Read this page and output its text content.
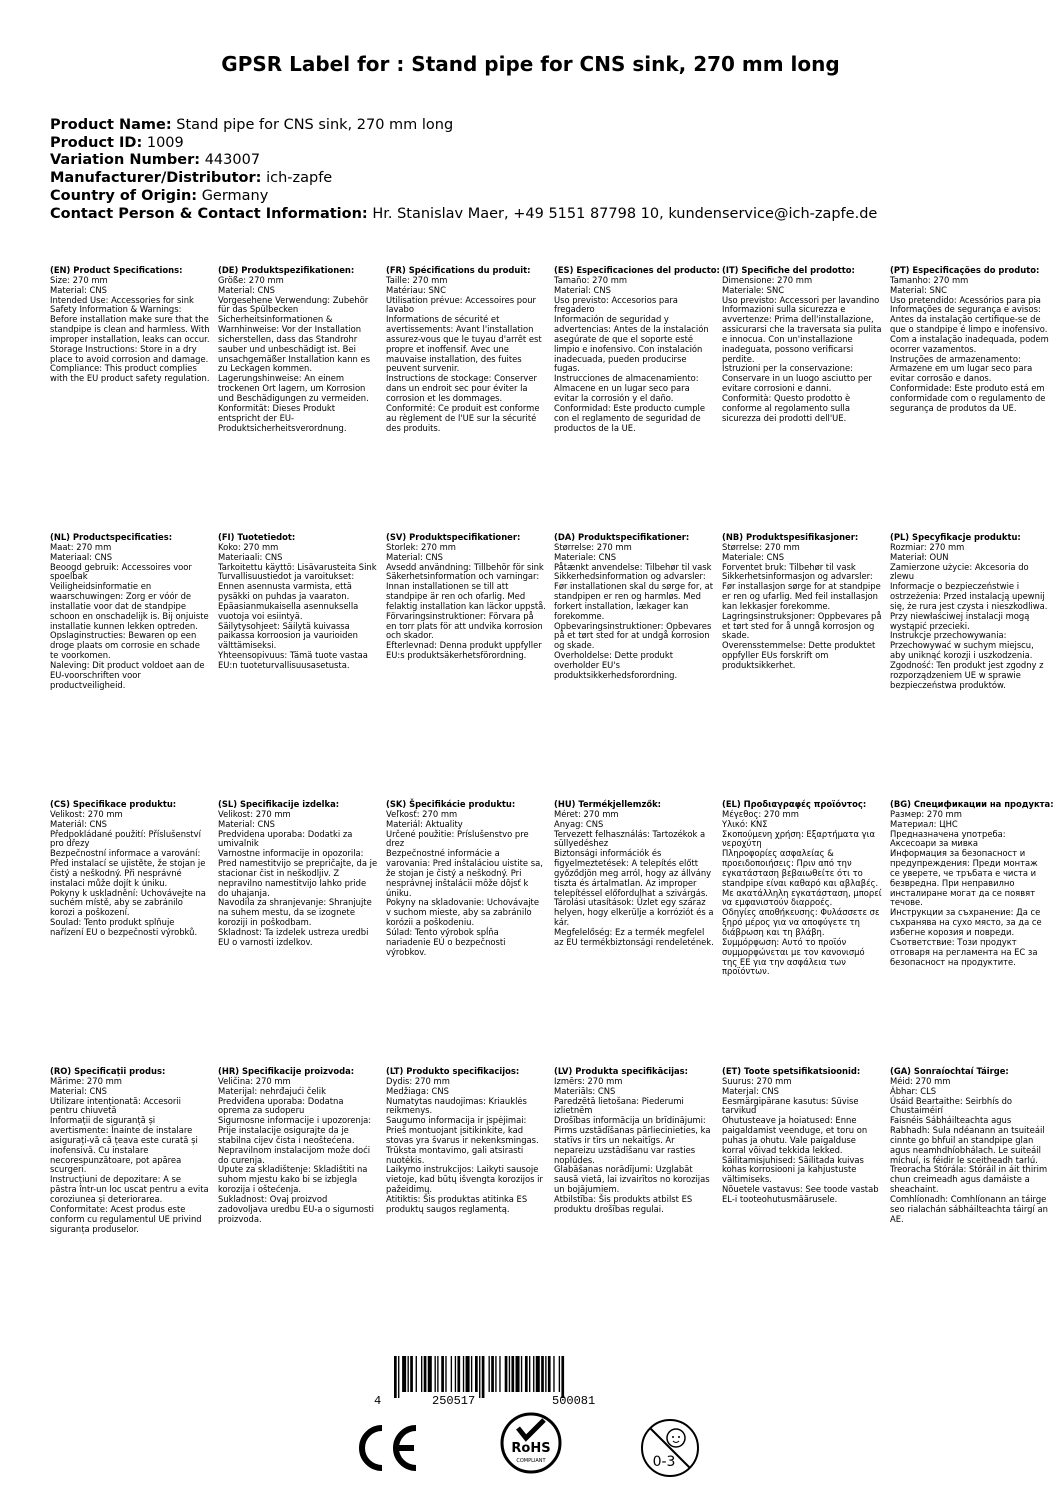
GPSR Label for : Stand pipe for CNS sink, 270 mm long
Product Name: Stand pipe for CNS sink, 270 mm long
Product ID: 1009
Variation Number: 443007
Manufacturer/Distributor: ich-zapfe
Country of Origin: Germany
Contact Person & Contact Information: Hr. Stanislav Maer, +49 5151 87798 10, kundenservice@ich-zapfe.de
(EN) Product Specifications:
Size: 270 mm
Material: CNS
Intended Use: Accessories for sink
Safety Information & Warnings: Before installation make sure that the standpipe is clean and harmless. With improper installation, leaks can occur.
Storage Instructions: Store in a dry place to avoid corrosion and damage.
Compliance: This product complies with the EU product safety regulation.
(DE) Produktspezifikationen:
Größe: 270 mm
Material: CNS
Vorgesehene Verwendung: Zubehör für das Spülbecken
Sicherheitsinformationen & Warnhinweise: Vor der Installation sicherstellen, dass das Standrohr sauber und unbeschädigt ist. Bei unsachgemäßer Installation kann es zu Leckagen kommen.
Lagerungshinweise: An einem trockenen Ort lagern, um Korrosion und Beschädigungen zu vermeiden.
Konformität: Dieses Produkt entspricht der EU-Produktsicherheitsverordnung.
(FR) Spécifications du produit:
Taille: 270 mm
Matériau: SNC
Utilisation prévue: Accessoires pour lavabo
Informations de sécurité et avertissements: Avant l'installation assurez-vous que le tuyau d'arrêt est propre et inoffensif. Avec une mauvaise installation, des fuites peuvent survenir.
Instructions de stockage: Conserver dans un endroit sec pour éviter la corrosion et les dommages.
Conformité: Ce produit est conforme au règlement de l'UE sur la sécurité des produits.
(ES) Especificaciones del producto:
Tamaño: 270 mm
Material: CNS
Uso previsto: Accesorios para fregadero
Información de seguridad y advertencias: Antes de la instalación asegúrate de que el soporte esté limpio e inofensivo. Con instalación inadecuada, pueden producirse fugas.
Instrucciones de almacenamiento: Almacene en un lugar seco para evitar la corrosión y el daño.
Conformidad: Este producto cumple con el reglamento de seguridad de productos de la UE.
(IT) Specifiche del prodotto:
Dimensione: 270 mm
Materiale: SNC
Uso previsto: Accessori per lavandino
Informazioni sulla sicurezza e avvertenze: Prima dell'installazione, assicurarsi che la traversata sia pulita e innocua. Con un'installazione inadeguata, possono verificarsi perdite.
Istruzioni per la conservazione: Conservare in un luogo asciutto per evitare corrosioni e danni.
Conformità: Questo prodotto è conforme al regolamento sulla sicurezza dei prodotti dell'UE.
(PT) Especificações do produto:
Tamanho: 270 mm
Material: SNC
Uso pretendido: Acessórios para pia
Informações de segurança e avisos: Antes da instalação certifique-se de que o standpipe é limpo e inofensivo. Com a instalação inadequada, podem ocorrer vazamentos.
Instruções de armazenamento: Armazene em um lugar seco para evitar corrosão e danos.
Conformidade: Este produto está em conformidade com o regulamento de segurança de produtos da UE.
(NL) Productspecificaties:
Maat: 270 mm
Materiaal: CNS
Beoogd gebruik: Accessoires voor spoelbak
Veiligheidsinformatie en waarschuwingen: Zorg er vóór de installatie voor dat de standpipe schoon en onschadelijk is. Bij onjuiste installatie kunnen lekken optreden.
Opslaginstructies: Bewaren op een droge plaats om corrosie en schade te voorkomen.
Naleving: Dit product voldoet aan de EU-voorschriften voor productveiligheid.
(FI) Tuotetiedot:
Koko: 270 mm
Materiaali: CNS
Tarkoitettu käyttö: Lisävarusteita Sink
Turvallisuustiedot ja varoitukset: Ennen asennusta varmista, että pysäkki on puhdas ja vaaraton. Epäasianmukaisella asennuksella vuotoja voi esiintyä.
Säilytysohjeet: Säilytä kuivassa paikassa korroosion ja vaurioiden välttämiseksi.
Yhteensopivuus: Tämä tuote vastaa EU:n tuoteturvallisuusasetusta.
(SV) Produktspecifikationer:
Storlek: 270 mm
Material: CNS
Avsedd användning: Tillbehör för sink
Säkerhetsinformation och varningar: Innan installationen se till att standpipe är ren och ofarlig. Med felaktig installation kan läckor uppstå.
Förvaringsinstruktioner: Förvara på en torr plats för att undvika korrosion och skador.
Efterlevnad: Denna produkt uppfyller EU:s produktsäkerhetsförordning.
(DA) Produktspecifikationer:
Størrelse: 270 mm
Materiale: CNS
Påtænkt anvendelse: Tilbehør til vask
Sikkerhedsinformation og advarsler: Før installationen skal du sørge for, at standpipen er ren og harmløs. Med forkert installation, lækager kan forekomme.
Opbevaringsinstruktioner: Opbevares på et tørt sted for at undgå korrosion og skade.
Overholdelse: Dette produkt overholder EU's produktsikkerhedsforordning.
(NB) Produktspesifikasjoner:
Størrelse: 270 mm
Materiale: CNS
Forventet bruk: Tilbehør til vask
Sikkerhetsinformasjon og advarsler: Før installasjon sørge for at standpipe er ren og ufarlig. Med feil installasjon kan lekkasjer forekomme.
Lagringsinstruksjoner: Oppbevares på et tørt sted for å unngå korrosjon og skade.
Overensstemmelse: Dette produktet oppfyller EUs forskrift om produktsikkerhet.
(PL) Specyfikacje produktu:
Rozmiar: 270 mm
Materiał: OUN
Zamierzone użycie: Akcesoria do zlewu
Informacje o bezpieczeństwie i ostrzeżenia: Przed instalacją upewnij się, że rura jest czysta i nieszkodliwa. Przy niewłaściwej instalacji mogą wystąpić przecieki.
Instrukcje przechowywania: Przechowywać w suchym miejscu, aby uniknąć korozji i uszkodzenia.
Zgodność: Ten produkt jest zgodny z rozporządzeniem UE w sprawie bezpieczeństwa produktów.
(CS) Specifikace produktu:
Velikost: 270 mm
Materiál: CNS
Předpokládané použití: Příslušenství pro dřezy
Bezpečnostní informace a varování: Před instalací se ujistěte, že stojan je čistý a neškodný. Při nesprávné instalaci může dojít k úniku.
Pokyny k uskladnění: Uchovávejte na suchém místě, aby se zabránilo korozi a poškození.
Soulad: Tento produkt splňuje nařízení EU o bezpečnosti výrobků.
(SL) Specifikacije izdelka:
Velikost: 270 mm
Material: CNS
Predvidena uporaba: Dodatki za umivalnik
Varnostne informacije in opozorila: Pred namestitvijo se prepričajte, da je stacionar čist in neškodljiv. Z nepravilno namestitvijo lahko pride do uhajanja.
Navodila za shranjevanje: Shranjujte na suhem mestu, da se izognete koroziji in poškodbam.
Skladnost: Ta izdelek ustreza uredbi EU o varnosti izdelkov.
(SK) Špecifikácie produktu:
Veľkosť: 270 mm
Materiál: Aktuality
Určené použitie: Príslušenstvo pre drez
Bezpečnostné informácie a varovania: Pred inštaláciou uistite sa, že stojan je čistý a neškodný. Pri nesprávnej inštalácii môže dôjsť k úniku.
Pokyny na skladovanie: Uchovávajte v suchom mieste, aby sa zabránilo korózii a poškodeniu.
Súlad: Tento výrobok spĺňa nariadenie EÚ o bezpečnosti výrobkov.
(HU) Termékjellemzők:
Méret: 270 mm
Anyag: CNS
Tervezett felhasználás: Tartozékok a süllyedéshez
Biztonsági információk és figyelmeztetések: A telepítés előtt győződjön meg arról, hogy az állvány tiszta és ártalmatlan. Az improper telepítéssel előfordulhat a szivárgás.
Tárolási utasítások: Üzlet egy száraz helyen, hogy elkerülje a korróziót és a kár.
Megfelelőség: Ez a termék megfelel az EU termékbiztonsági rendeletének.
(EL) Προδιαγραφές προϊόντος:
Μέγεθος: 270 mm
Υλικό: ΚΝΣ
Σκοπούμενη χρήση: Εξαρτήματα για νεροχύτη
Πληροφορίες ασφαλείας & προειδοποιήσεις: Πριν από την εγκατάσταση βεβαιωθείτε ότι το standpipe είναι καθαρό και αβλαβές. Με ακατάλληλη εγκατάσταση, μπορεί να εμφανιστούν διαρροές.
Οδηγίες αποθήκευσης: Φυλάσσετε σε ξηρό μέρος για να αποφύγετε τη διάβρωση και τη βλάβη.
Συμμόρφωση: Αυτό το προϊόν συμμορφώνεται με τον κανονισμό της ΕΕ για την ασφάλεια των προϊόντων.
(BG) Спецификации на продукта:
Размер: 270 mm
Материал: ЦНС
Предназначена употреба: Аксесоари за мивка
Информация за безопасност и предупреждения: Преди монтаж се уверете, че тръбата е чиста и безвредна. При неправилно инсталиране могат да се появят течове.
Инструкции за съхранение: Да се съхранява на сухо място, за да се избегне корозия и повреди.
Съответствие: Този продукт отговаря на регламента на ЕС за безопасност на продуктите.
(RO) Specificații produs:
Mărime: 270 mm
Material: CNS
Utilizare intenționată: Accesorii pentru chiuvetă
Informații de siguranță și avertismente: Înainte de instalare asigurați-vă că țeava este curată și inofensivă. Cu instalare necorespunzătoare, pot apărea scurgeri.
Instrucțiuni de depozitare: A se păstra într-un loc uscat pentru a evita coroziunea și deteriorarea.
Conformitate: Acest produs este conform cu regulamentul UE privind siguranța produselor.
(HR) Specifikacije proizvoda:
Veličina: 270 mm
Materijal: nehrđajući čelik
Predviđena uporaba: Dodatna oprema za sudoperu
Sigurnosne informacije i upozorenja: Prije instalacije osigurajte da je stabilna cijev čista i neoštećena. Nepravilnom instalacijom može doći do curenja.
Upute za skladištenje: Skladištiti na suhom mjestu kako bi se izbjegla korozija i oštećenja.
Sukladnost: Ovaj proizvod zadovoljava uredbu EU-a o sigurnosti proizvoda.
(LT) Produkto specifikacijos:
Dydis: 270 mm
Medžiaga: CNS
Numatytas naudojimas: Kriauklės reikmenys.
Saugumo informacija ir įspėjimai: Prieš montuojant įsitikinkite, kad stovas yra švarus ir nekenksmingas. Trūksta montavimo, gali atsirasti nuotėkis.
Laikymo instrukcijos: Laikyti sausoje vietoje, kad būtų išvengta korozijos ir pažeidimų.
Atitiktis: Šis produktas atitinka ES produktų saugos reglamentą.
(LV) Produkta specifikācijas:
Izmērs: 270 mm
Materiāls: CNS
Paredzētā lietošana: Piederumi izlietnēm
Drošības informācija un brīdinājumi: Pirms uzstādīšanas pārliecinieties, ka statīvs ir tīrs un nekaitīgs. Ar nepareizu uzstādīšanu var rasties noplūdes.
Glabāšanas norādījumi: Uzglabāt sausā vietā, lai izvairītos no korozijas un bojājumiem.
Atbilstība: Šis produkts atbilst ES produktu drošības regulai.
(ET) Toote spetsifikatsioonid:
Suurus: 270 mm
Materjal: CNS
Eesmärgipärane kasutus: Süvise tarvikud
Ohutusteave ja hoiatused: Enne paigaldamist veenduge, et toru on puhas ja ohutu. Vale paigalduse korral võivad tekkida lekked.
Säilitamisjuhised: Säilitada kuivas kohas korrosiooni ja kahjustuste vältimiseks.
Nõuetele vastavus: See toode vastab EL-i tooteohutusmäärusele.
(GA) Sonraíochtaí Táirge:
Méid: 270 mm
Ábhar: CLS
Úsáid Beartaithe: Seirbhís do Chustaiméirí
Faisnéis Sábháilteachta agus Rabhadh: Sula ndéanann an tsuiteáil cinnte go bhfuil an standpipe glan agus neamhdhíobhálach. Le suiteáil míchuí, is féidir le sceitheadh tarlú.
Treoracha Stórála: Stóráil in áit thirim chun creimeadh agus damáiste a sheachaint.
Comhlíonadh: Comhlíonann an táirge seo rialachán sábháilteachta táirgí an AE.
4	250517	500081
RoHS
COMPLIANT	0-3
